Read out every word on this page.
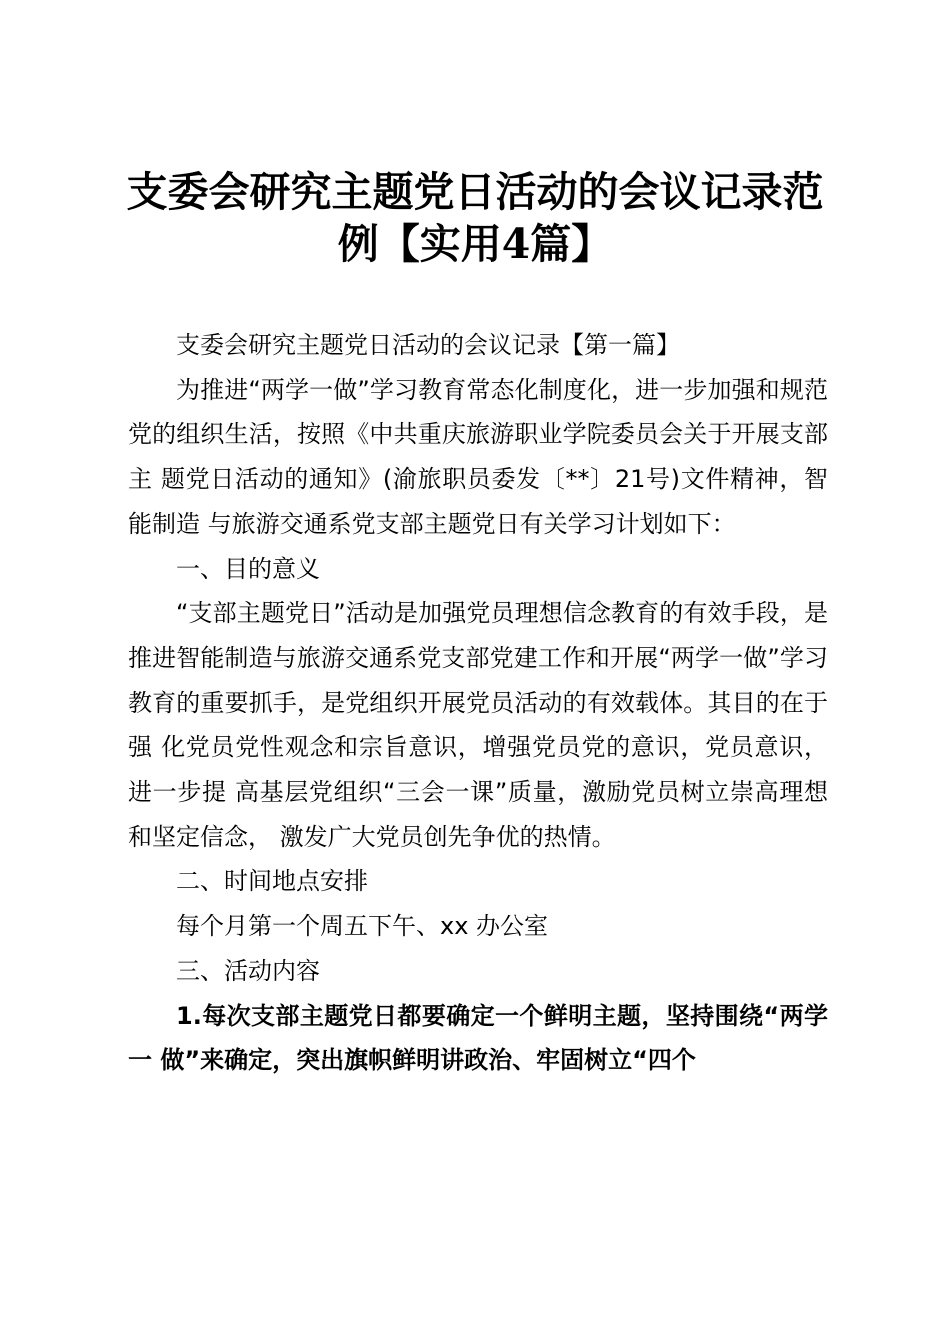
支委会研究主题党日活动的会议记录范例【实用4篇】

支委会研究主题党日活动的会议记录【第一篇】

为推进“两学一做”学习教育常态化制度化，进一步加强和规范 党的组织生活，按照《中共重庆旅游职业学院委员会关于开展支部主 题党日活动的通知》(渝旅职员委发〔**〕21号)文件精神，智能制造 与旅游交通系党支部主题党日有关学习计划如下：

一、目的意义

“支部主题党日”活动是加强党员理想信念教育的有效手段，是 推进智能制造与旅游交通系党支部党建工作和开展“两学一做”学习 教育的重要抓手，是党组织开展党员活动的有效载体。其目的在于强 化党员党性观念和宗旨意识，增强党员党的意识，党员意识，进一步提 高基层党组织“三会一课”质量，激励党员树立崇高理想和坚定信念， 激发广大党员创先争优的热情。

二、时间地点安排

每个月第一个周五下午、xx 办公室

三、活动内容

1.每次支部主题党日都要确定一个鲜明主题，坚持围绕“两学一 做”来确定，突出旗帜鲜明讲政治、牢固树立“四个
